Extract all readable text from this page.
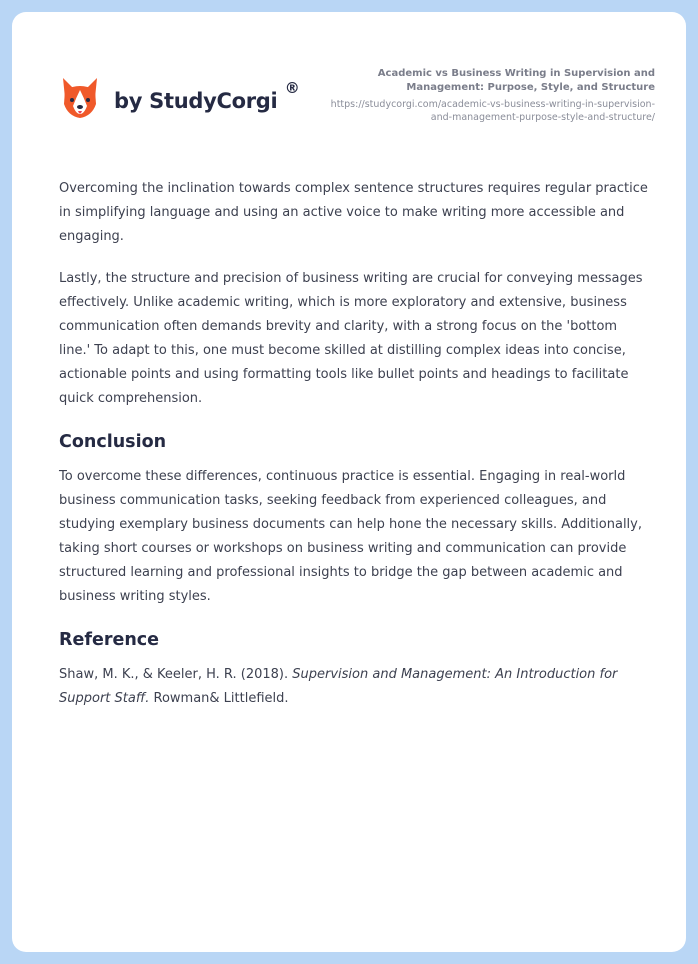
by StudyCorgi
®
Academic vs Business Writing in Supervision and Management: Purpose, Style, and Structure
https://studycorgi.com/academic-vs-business-writing-in-supervision-and-management-purpose-style-and-structure/

Overcoming the inclination towards complex sentence structures requires regular practice in simplifying language and using an active voice to make writing more accessible and engaging.

Lastly, the structure and precision of business writing are crucial for conveying messages effectively. Unlike academic writing, which is more exploratory and extensive, business communication often demands brevity and clarity, with a strong focus on the 'bottom line.' To adapt to this, one must become skilled at distilling complex ideas into concise, actionable points and using formatting tools like bullet points and headings to facilitate quick comprehension.

Conclusion

To overcome these differences, continuous practice is essential. Engaging in real-world business communication tasks, seeking feedback from experienced colleagues, and studying exemplary business documents can help hone the necessary skills. Additionally, taking short courses or workshops on business writing and communication can provide structured learning and professional insights to bridge the gap between academic and business writing styles.

Reference

Shaw, M. K., & Keeler, H. R. (2018). Supervision and Management: An Introduction for Support Staff. Rowman& Littlefield.
